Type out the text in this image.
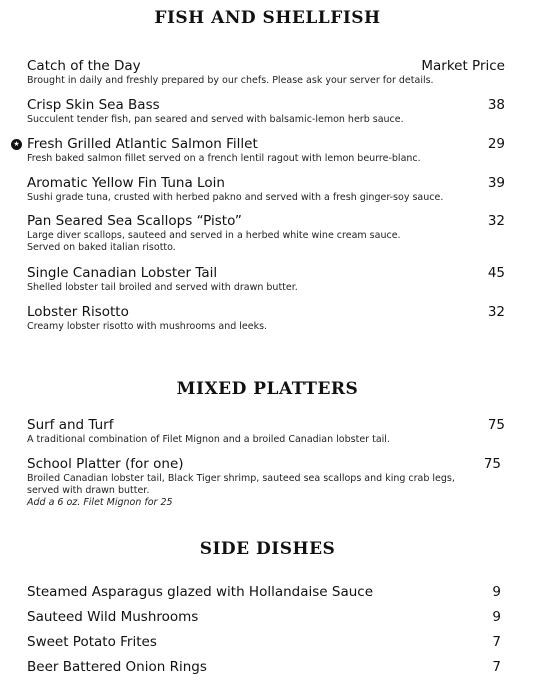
FISH AND SHELLFISH
Catch of the Day
Brought in daily and freshly prepared by our chefs. Please ask your server for details.
Market Price
Crisp Skin Sea Bass
Succulent tender fish, pan seared and served with balsamic-lemon herb sauce.
38
★ Fresh Grilled Atlantic Salmon Fillet
Fresh baked salmon fillet served on a french lentil ragout with lemon beurre-blanc.
29
Aromatic Yellow Fin Tuna Loin
Sushi grade tuna, crusted with herbed pakno and served with a fresh ginger-soy sauce.
39
Pan Seared Sea Scallops “Pisto”
Large diver scallops, sauteed and served in a herbed white wine cream sauce.
Served on baked italian risotto.
32
Single Canadian Lobster Tail
Shelled lobster tail broiled and served with drawn butter.
45
Lobster Risotto
Creamy lobster risotto with mushrooms and leeks.
32
MIXED PLATTERS
Surf and Turf
A traditional combination of Filet Mignon and a broiled Canadian lobster tail.
75
School Platter (for one)
Broiled Canadian lobster tail, Black Tiger shrimp, sauteed sea scallops and king crab legs,
served with drawn butter.
Add a 6 oz. Filet Mignon for 25
75
SIDE DISHES
Steamed Asparagus glazed with Hollandaise Sauce	9
Sauteed Wild Mushrooms	9
Sweet Potato Frites	7
Beer Battered Onion Rings	7
